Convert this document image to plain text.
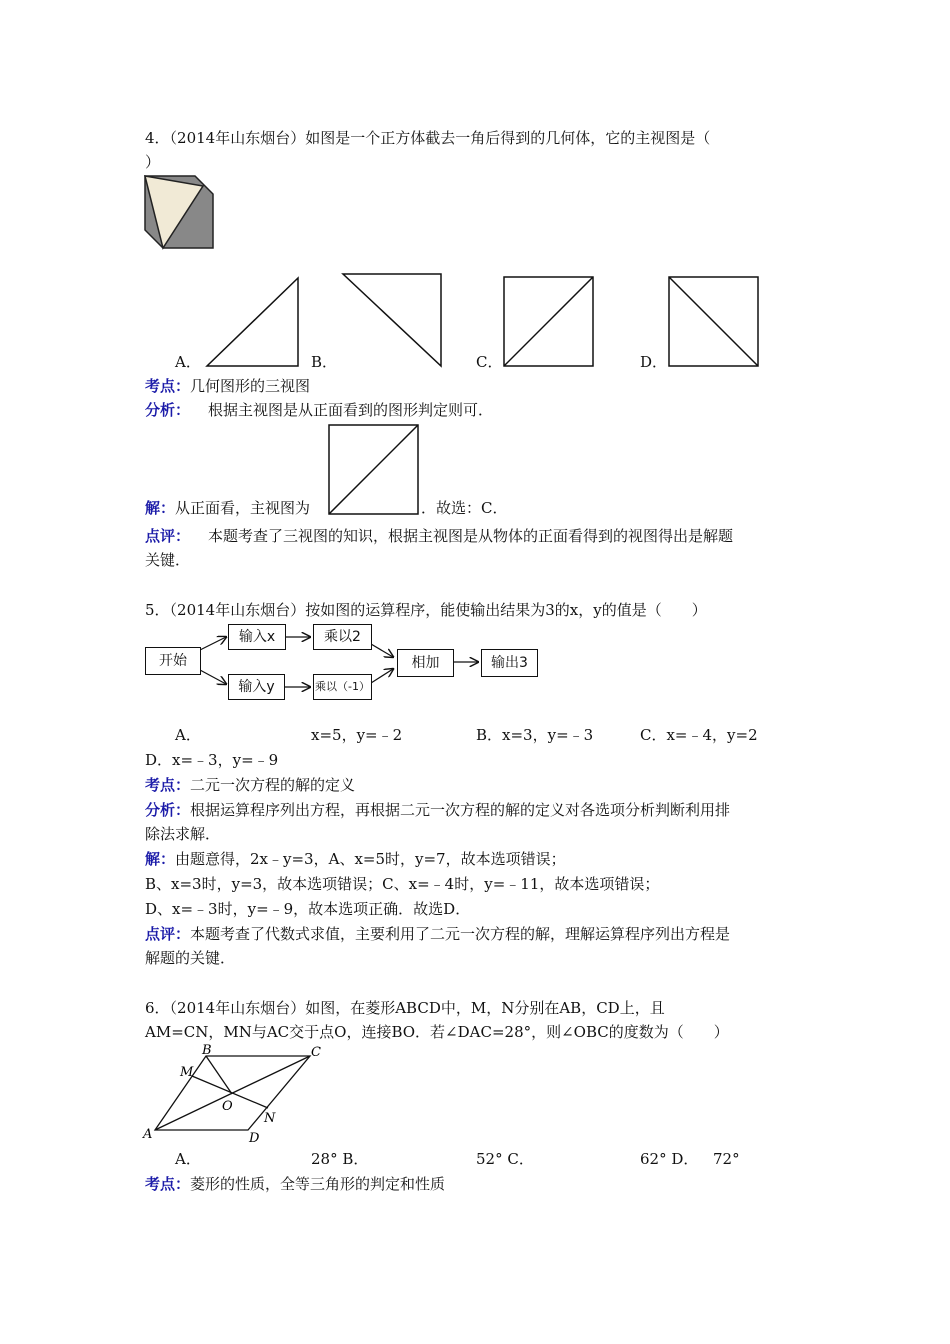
4．（2014年山东烟台）如图是一个正方体截去一角后得到的几何体，它的主视图是（
）
A．	B．	C．	D．
考点：几何图形的三视图
分析： 根据主视图是从正面看到的图形判定则可．
解：从正面看，主视图为	．故选：C．
点评： 本题考查了三视图的知识，根据主视图是从物体的正面看得到的视图得出是解题
关键．
5．（2014年山东烟台）按如图的运算程序，能使输出结果为3的x，y的值是（　　）
开始
输入x	乘以2
输入y	乘以（-1）
相加	输出3
A．	x=5，y=﹣2	B．x=3，y=﹣3	C．x=﹣4，y=2
D．x=﹣3，y=﹣9
考点：二元一次方程的解的定义
分析：根据运算程序列出方程，再根据二元一次方程的解的定义对各选项分析判断利用排
除法求解．
解：由题意得，2x﹣y=3，A、x=5时，y=7，故本选项错误；
B、x=3时，y=3，故本选项错误；C、x=﹣4时，y=﹣11，故本选项错误；
D、x=﹣3时，y=﹣9，故本选项正确．故选D．
点评：本题考查了代数式求值，主要利用了二元一次方程的解，理解运算程序列出方程是
解题的关键．
6．（2014年山东烟台）如图，在菱形ABCD中，M，N分别在AB，CD上，且
AM=CN，MN与AC交于点O，连接BO．若∠DAC=28°，则∠OBC的度数为（　　）
A
B	C
D
M
N
O
A．	28° B．	52° C．	62° D． 72°
考点：菱形的性质，全等三角形的判定和性质
